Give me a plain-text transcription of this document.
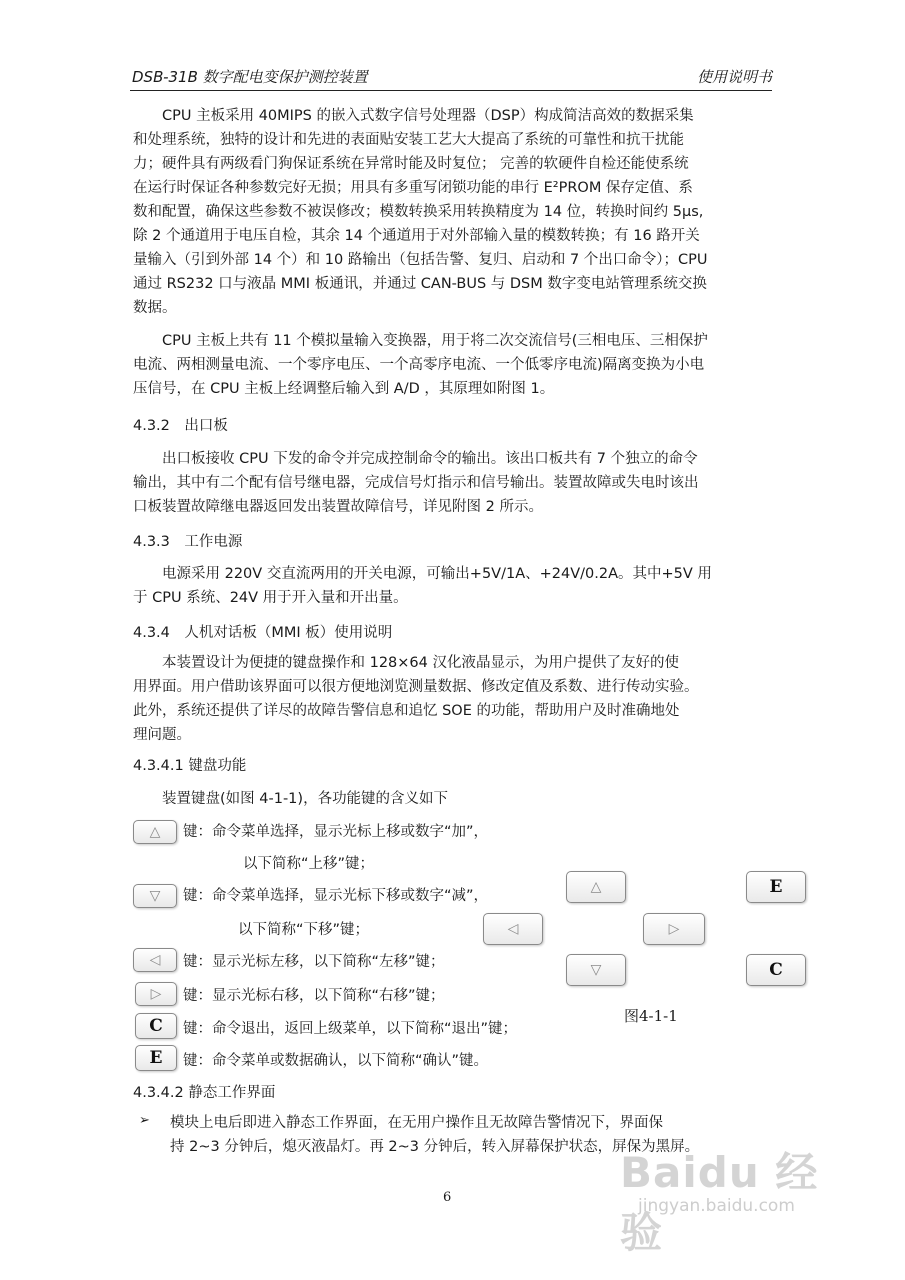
DSB-31B 数字配电变保护测控装置	使用说明书
　　CPU 主板采用 40MIPS 的嵌入式数字信号处理器（DSP）构成简洁高效的数据采集
和处理系统，独特的设计和先进的表面贴安装工艺大大提高了系统的可靠性和抗干扰能
力；硬件具有两级看门狗保证系统在异常时能及时复位； 完善的软硬件自检还能使系统
在运行时保证各种参数完好无损；用具有多重写闭锁功能的串行 E²PROM 保存定值、系
数和配置，确保这些参数不被误修改；模数转换采用转换精度为 14 位，转换时间约 5μs,
除 2 个通道用于电压自检，其余 14 个通道用于对外部输入量的模数转换；有 16 路开关
量输入（引到外部 14 个）和 10 路输出（包括告警、复归、启动和 7 个出口命令）；CPU
通过 RS232 口与液晶 MMI 板通讯，并通过 CAN-BUS 与 DSM 数字变电站管理系统交换
数据。
　　CPU 主板上共有 11 个模拟量输入变换器，用于将二次交流信号(三相电压、三相保护
电流、两相测量电流、一个零序电压、一个高零序电流、一个低零序电流)隔离变换为小电
压信号，在 CPU 主板上经调整后输入到 A/D ，其原理如附图 1。
4.3.2　出口板
　　出口板接收 CPU 下发的命令并完成控制命令的输出。该出口板共有 7 个独立的命令
输出，其中有二个配有信号继电器，完成信号灯指示和信号输出。装置故障或失电时该出
口板装置故障继电器返回发出装置故障信号，详见附图 2 所示。
4.3.3　工作电源
　　电源采用 220V 交直流两用的开关电源，可输出+5V/1A、+24V/0.2A。其中+5V 用
于 CPU 系统、24V 用于开入量和开出量。
4.3.4　人机对话板（MMI 板）使用说明
　　本装置设计为便捷的键盘操作和 128×64 汉化液晶显示，为用户提供了友好的使
用界面。用户借助该界面可以很方便地浏览测量数据、修改定值及系数、进行传动实验。
此外，系统还提供了详尽的故障告警信息和追忆 SOE 的功能，帮助用户及时准确地处
理问题。
4.3.4.1 键盘功能
　　装置键盘(如图 4-1-1)，各功能键的含义如下
△	键：命令菜单选择，显示光标上移或数字“加”，
以下简称“上移”键；
▽	键：命令菜单选择，显示光标下移或数字“减”，
以下简称“下移”键；
◁	键：显示光标左移，以下简称“左移”键；
▷	键：显示光标右移，以下简称“右移”键；
C	键：命令退出，返回上级菜单，以下简称“退出”键；
E	键：命令菜单或数据确认，以下简称“确认”键。
△	E
◁	▷
▽	C
图4-1-1
4.3.4.2 静态工作界面
➢ 模块上电后即进入静态工作界面，在无用户操作且无故障告警情况下，界面保
持 2~3 分钟后，熄灭液晶灯。再 2~3 分钟后，转入屏幕保护状态，屏保为黑屏。
6
Baidu 经验
jingyan.baidu.com
